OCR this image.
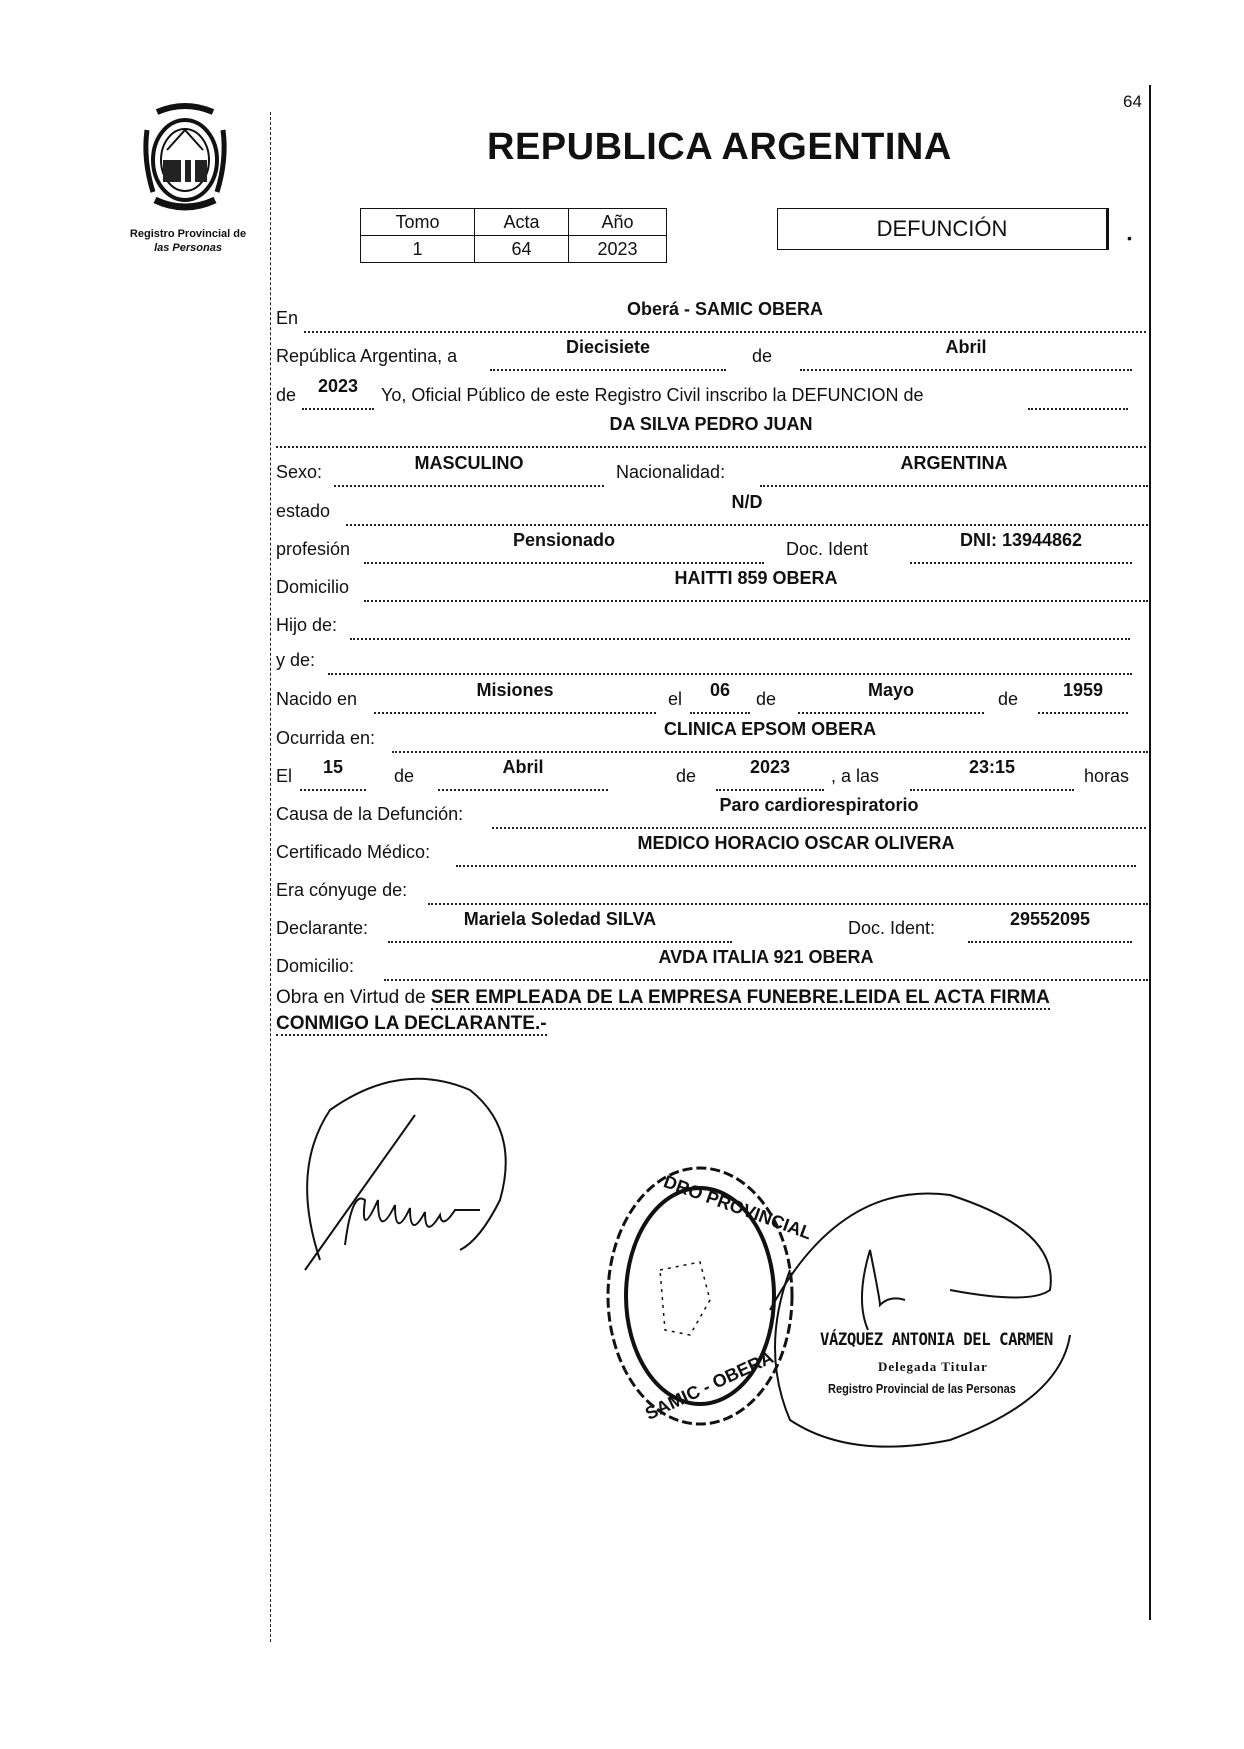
64
Registro Provincial de
las Personas
REPUBLICA ARGENTINA
Tomo	Acta	Año
1	64	2023
DEFUNCIÓN	•
En	Oberá - SAMIC OBERA
República Argentina, a	Diecisiete	de	Abril
de	2023	Yo, Oficial Público de este Registro Civil inscribo la DEFUNCION de
DA SILVA PEDRO JUAN
Sexo:	MASCULINO	Nacionalidad:	ARGENTINA
estado	N/D
profesión	Pensionado	Doc. Ident	DNI: 13944862
Domicilio	HAITTI 859 OBERA
Hijo de:
y de:
Nacido en	Misiones	el	06	de	Mayo	de	1959
Ocurrida en:	CLINICA EPSOM OBERA
El	15	de	Abril	de	2023	, a las	23:15	horas
Causa de la Defunción:	Paro cardiorespiratorio
Certificado Médico:	MEDICO HORACIO OSCAR OLIVERA
Era cónyuge de:
Declarante:	Mariela Soledad SILVA	Doc. Ident:	29552095
Domicilio:	AVDA ITALIA 921 OBERA
Obra en Virtud de SER EMPLEADA DE LA EMPRESA FUNEBRE.LEIDA EL ACTA FIRMA
CONMIGO LA DECLARANTE.-
DRO PROVINCIAL
SAMIC - OBERA
VÁZQUEZ ANTONIA DEL CARMEN
Delegada Titular
Registro Provincial de las Personas
